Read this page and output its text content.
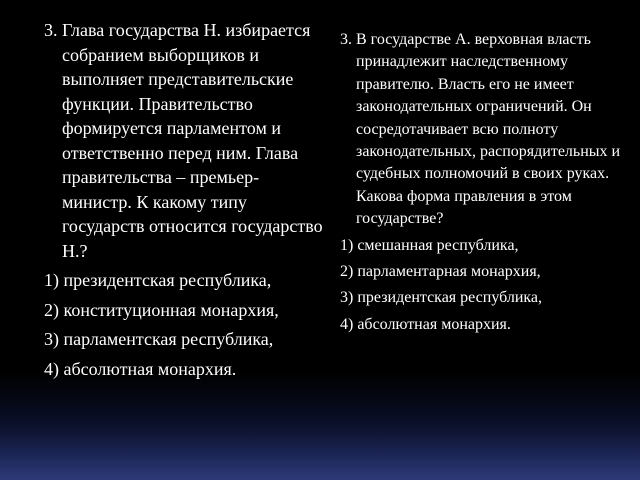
3. Глава государства Н. избирается собранием выборщиков и выполняет представительские функции. Правительство формируется парламентом и ответственно перед ним. Глава правительства – премьер-министр. К какому типу государств относится государство Н.?

1) президентская республика,

2) конституционная монархия,

3) парламентская республика,

4) абсолютная монархия.

3. В государстве А. верховная власть принадлежит наследственному правителю. Власть его не имеет законодательных ограничений. Он сосредотачивает всю полноту законодательных, распорядительных и судебных полномочий в своих руках. Какова форма правления в этом государстве?

1) смешанная республика,

2) парламентарная монархия,

3) президентская республика,

4) абсолютная монархия.
